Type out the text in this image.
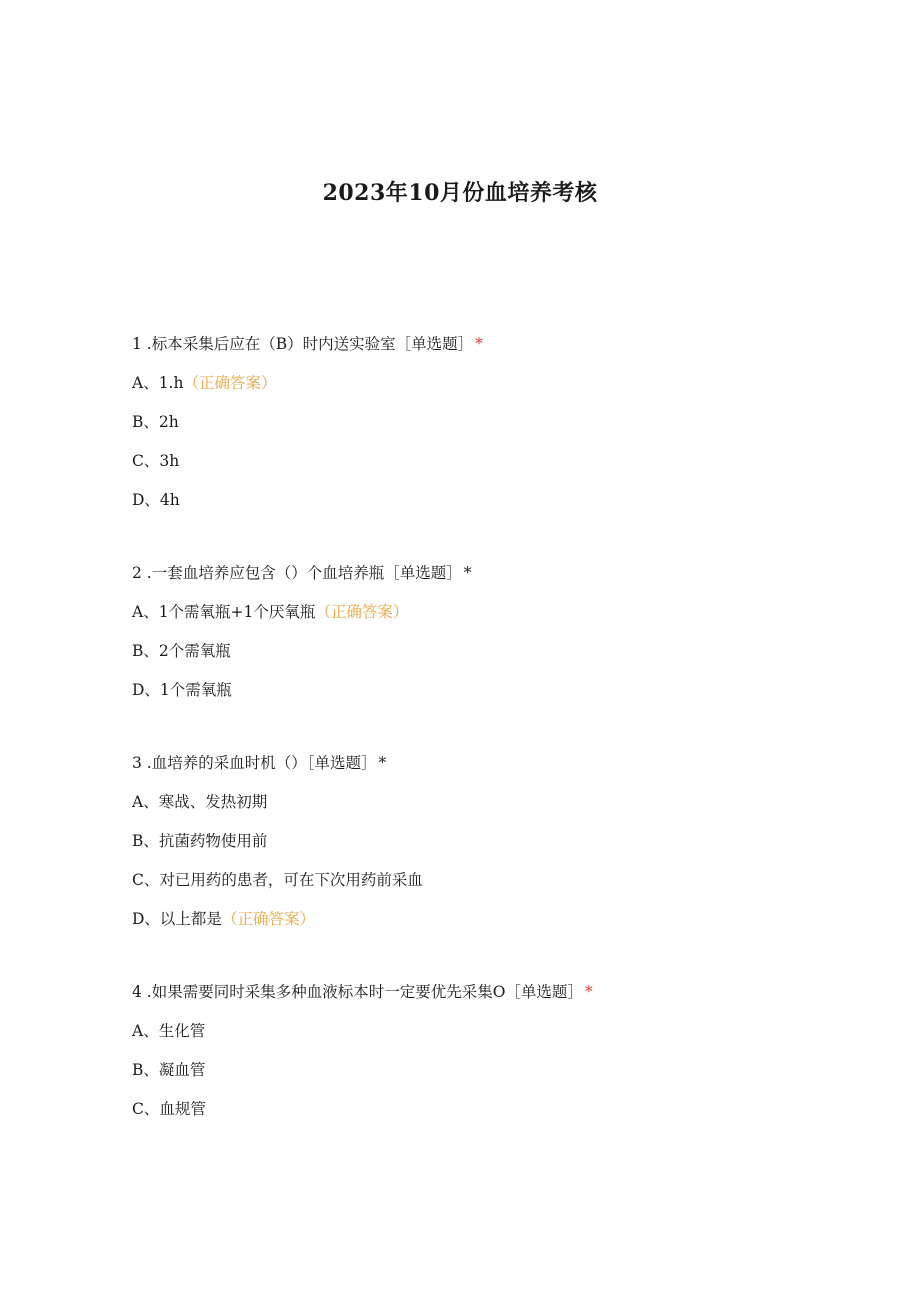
2023年10月份血培养考核
1 .标本采集后应在（B）时内送实验室［单选题］ *
A、1.h（正确答案）
B、2h
C、3h
D、4h
2 .一套血培养应包含（）个血培养瓶［单选题］ *
A、1个需氧瓶+1个厌氧瓶（正确答案）
B、2个需氧瓶
D、1个需氧瓶
3 .血培养的采血时机（）［单选题］ *
A、寒战、发热初期
B、抗菌药物使用前
C、对已用药的患者，可在下次用药前采血
D、以上都是（正确答案）
4 .如果需要同时采集多种血液标本时一定要优先采集O［单选题］ *
A、生化管
B、凝血管
C、血规管
